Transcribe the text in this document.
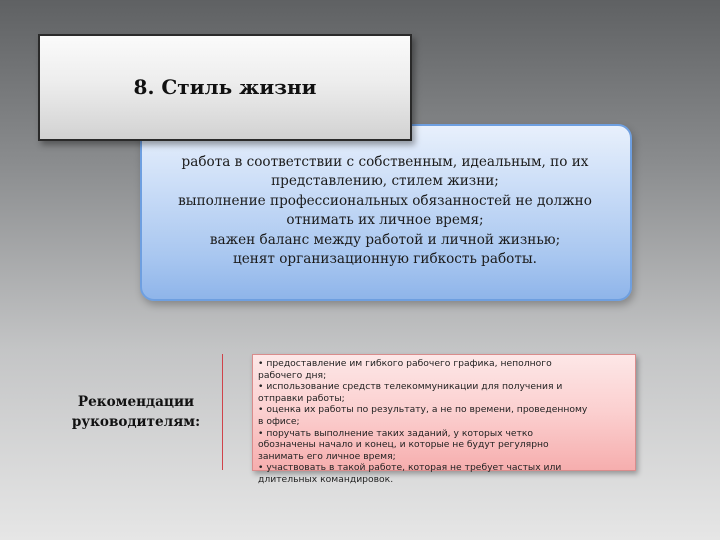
работа в соответствии с собственным, идеальным, по их
представлению, стилем жизни;
выполнение профессиональных обязанностей не должно
отнимать их личное время;
важен баланс между работой и личной жизнью;
ценят организационную гибкость работы.
8. Стиль жизни
Рекомендации
руководителям:
• предоставление им гибкого рабочего графика, неполного
рабочего дня;
• использование средств телекоммуникации для получения и
отправки работы;
• оценка их работы по результату, а не по времени, проведенному
в офисе;
• поручать выполнение таких заданий, у которых четко
обозначены начало и конец, и которые не будут регулярно
занимать его личное время;
• участвовать в такой работе, которая не требует частых или
длительных командировок.
